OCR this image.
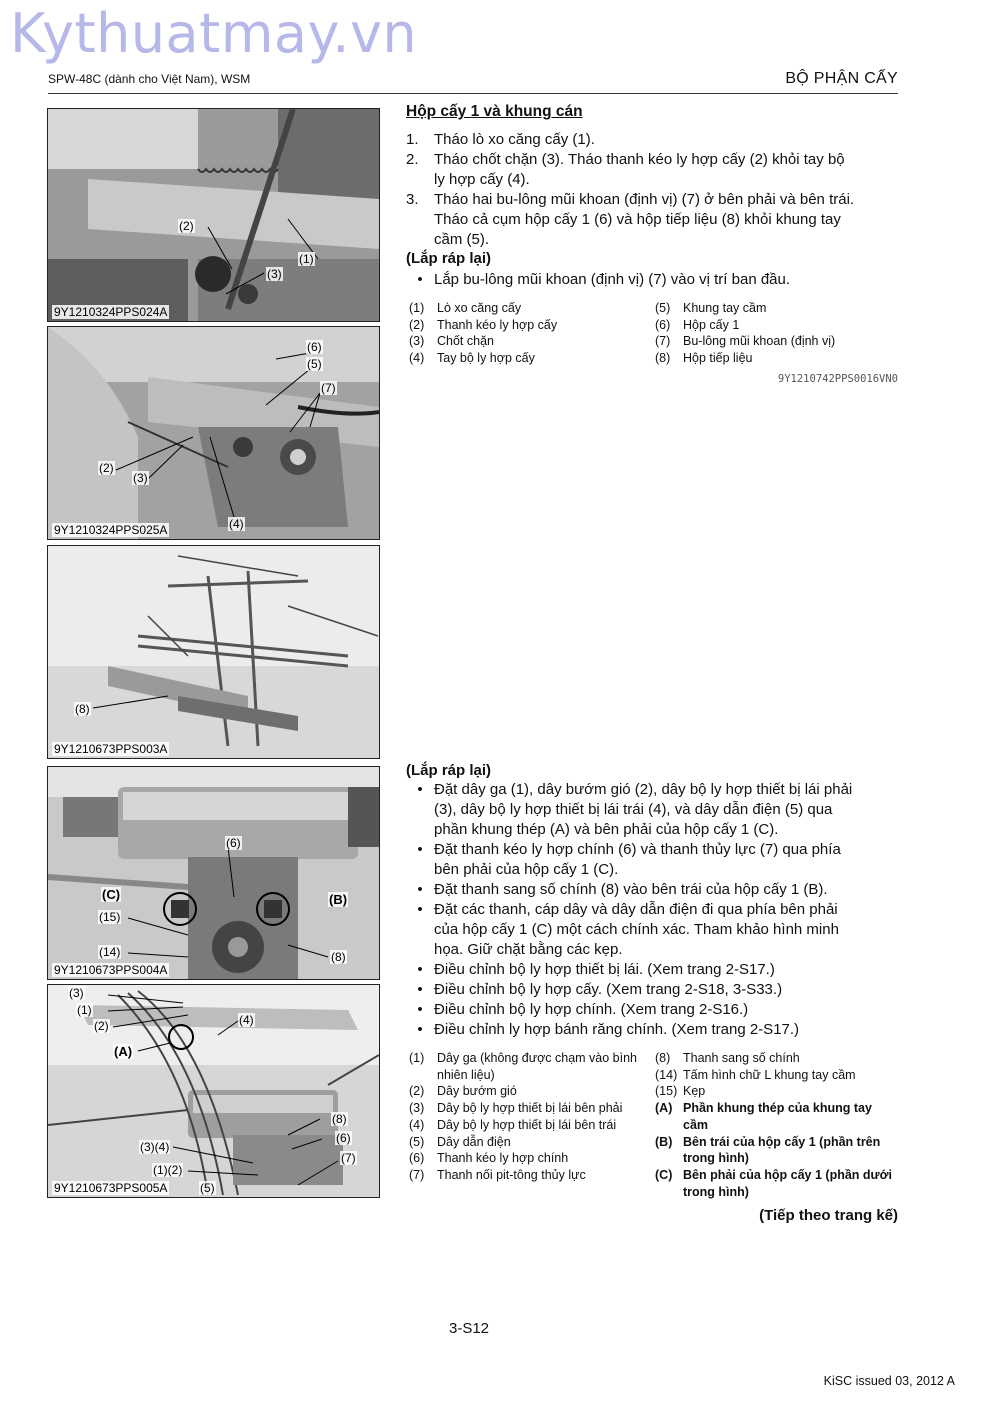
Kythuatmay.vn
SPW-48C (dành cho Việt Nam), WSM	BỘ PHẬN CẤY
(2)
(1)
(3)
9Y1210324PPS024A
(6)
(5)
(7)
(2)
(3)
(4)
9Y1210324PPS025A
(8)
9Y1210673PPS003A
(6)
(C)	(B)
(15)
(14)	(8)
9Y1210673PPS004A
(3)
(1)
(2)	(4)
(A)
(8)
(6)
(3)(4)
(7)
(1)(2)
(5)
9Y1210673PPS005A
Hộp cấy 1 và khung cán
1.	Tháo lò xo căng cấy (1).
2.	Tháo chốt chặn (3). Tháo thanh kéo ly hợp cấy (2) khỏi tay bộ
ly hợp cấy (4).
3.	Tháo hai bu-lông mũi khoan (định vị) (7) ở bên phải và bên trái.
Tháo cả cụm hộp cấy 1 (6) và hộp tiếp liệu (8) khỏi khung tay
cầm (5).
(Lắp ráp lại)
• Lắp bu-lông mũi khoan (định vị) (7) vào vị trí ban đầu.
(1)	Lò xo căng cấy
(2)	Thanh kéo ly hợp cấy
(3)	Chốt chặn
(4)	Tay bộ ly hợp cấy
(5)	Khung tay cầm
(6)	Hộp cấy 1
(7)	Bu-lông mũi khoan (định vị)
(8)	Hộp tiếp liệu
9Y1210742PPS0016VN0
(Lắp ráp lại)
• Đặt dây ga (1), dây bướm gió (2), dây bộ ly hợp thiết bị lái phải
(3), dây bộ ly hợp thiết bị lái trái (4), và dây dẫn điện (5) qua
phần khung thép (A) và bên phải của hộp cấy 1 (C).
• Đặt thanh kéo ly hợp chính (6) và thanh thủy lực (7) qua phía
bên phải của hộp cấy 1 (C).
• Đặt thanh sang số chính (8) vào bên trái của hộp cấy 1 (B).
• Đặt các thanh, cáp dây và dây dẫn điện đi qua phía bên phải
của hộp cấy 1 (C) một cách chính xác. Tham khảo hình minh
họa. Giữ chặt bằng các kẹp.
• Điều chỉnh bộ ly hợp thiết bị lái. (Xem trang 2-S17.)
• Điều chỉnh bộ ly hợp cấy. (Xem trang 2-S18, 3-S33.)
• Điều chỉnh bộ ly hợp chính. (Xem trang 2-S16.)
• Điều chỉnh ly hợp bánh răng chính. (Xem trang 2-S17.)
(1)	Dây ga (không được chạm vào bình nhiên liệu)
(2)	Dây bướm gió
(3)	Dây bộ ly hợp thiết bị lái bên phải
(4)	Dây bộ ly hợp thiết bị lái bên trái
(5)	Dây dẫn điện
(6)	Thanh kéo ly hợp chính
(7)	Thanh nối pit-tông thủy lực
(8)	Thanh sang số chính
(14) Tấm hình chữ L khung tay cầm
(15) Kẹp
(A) Phần khung thép của khung tay cầm
(B) Bên trái của hộp cấy 1 (phần trên trong hình)
(C) Bên phải của hộp cấy 1 (phần dưới trong hình)
(Tiếp theo trang kế)
3-S12
KiSC issued 03, 2012 A
